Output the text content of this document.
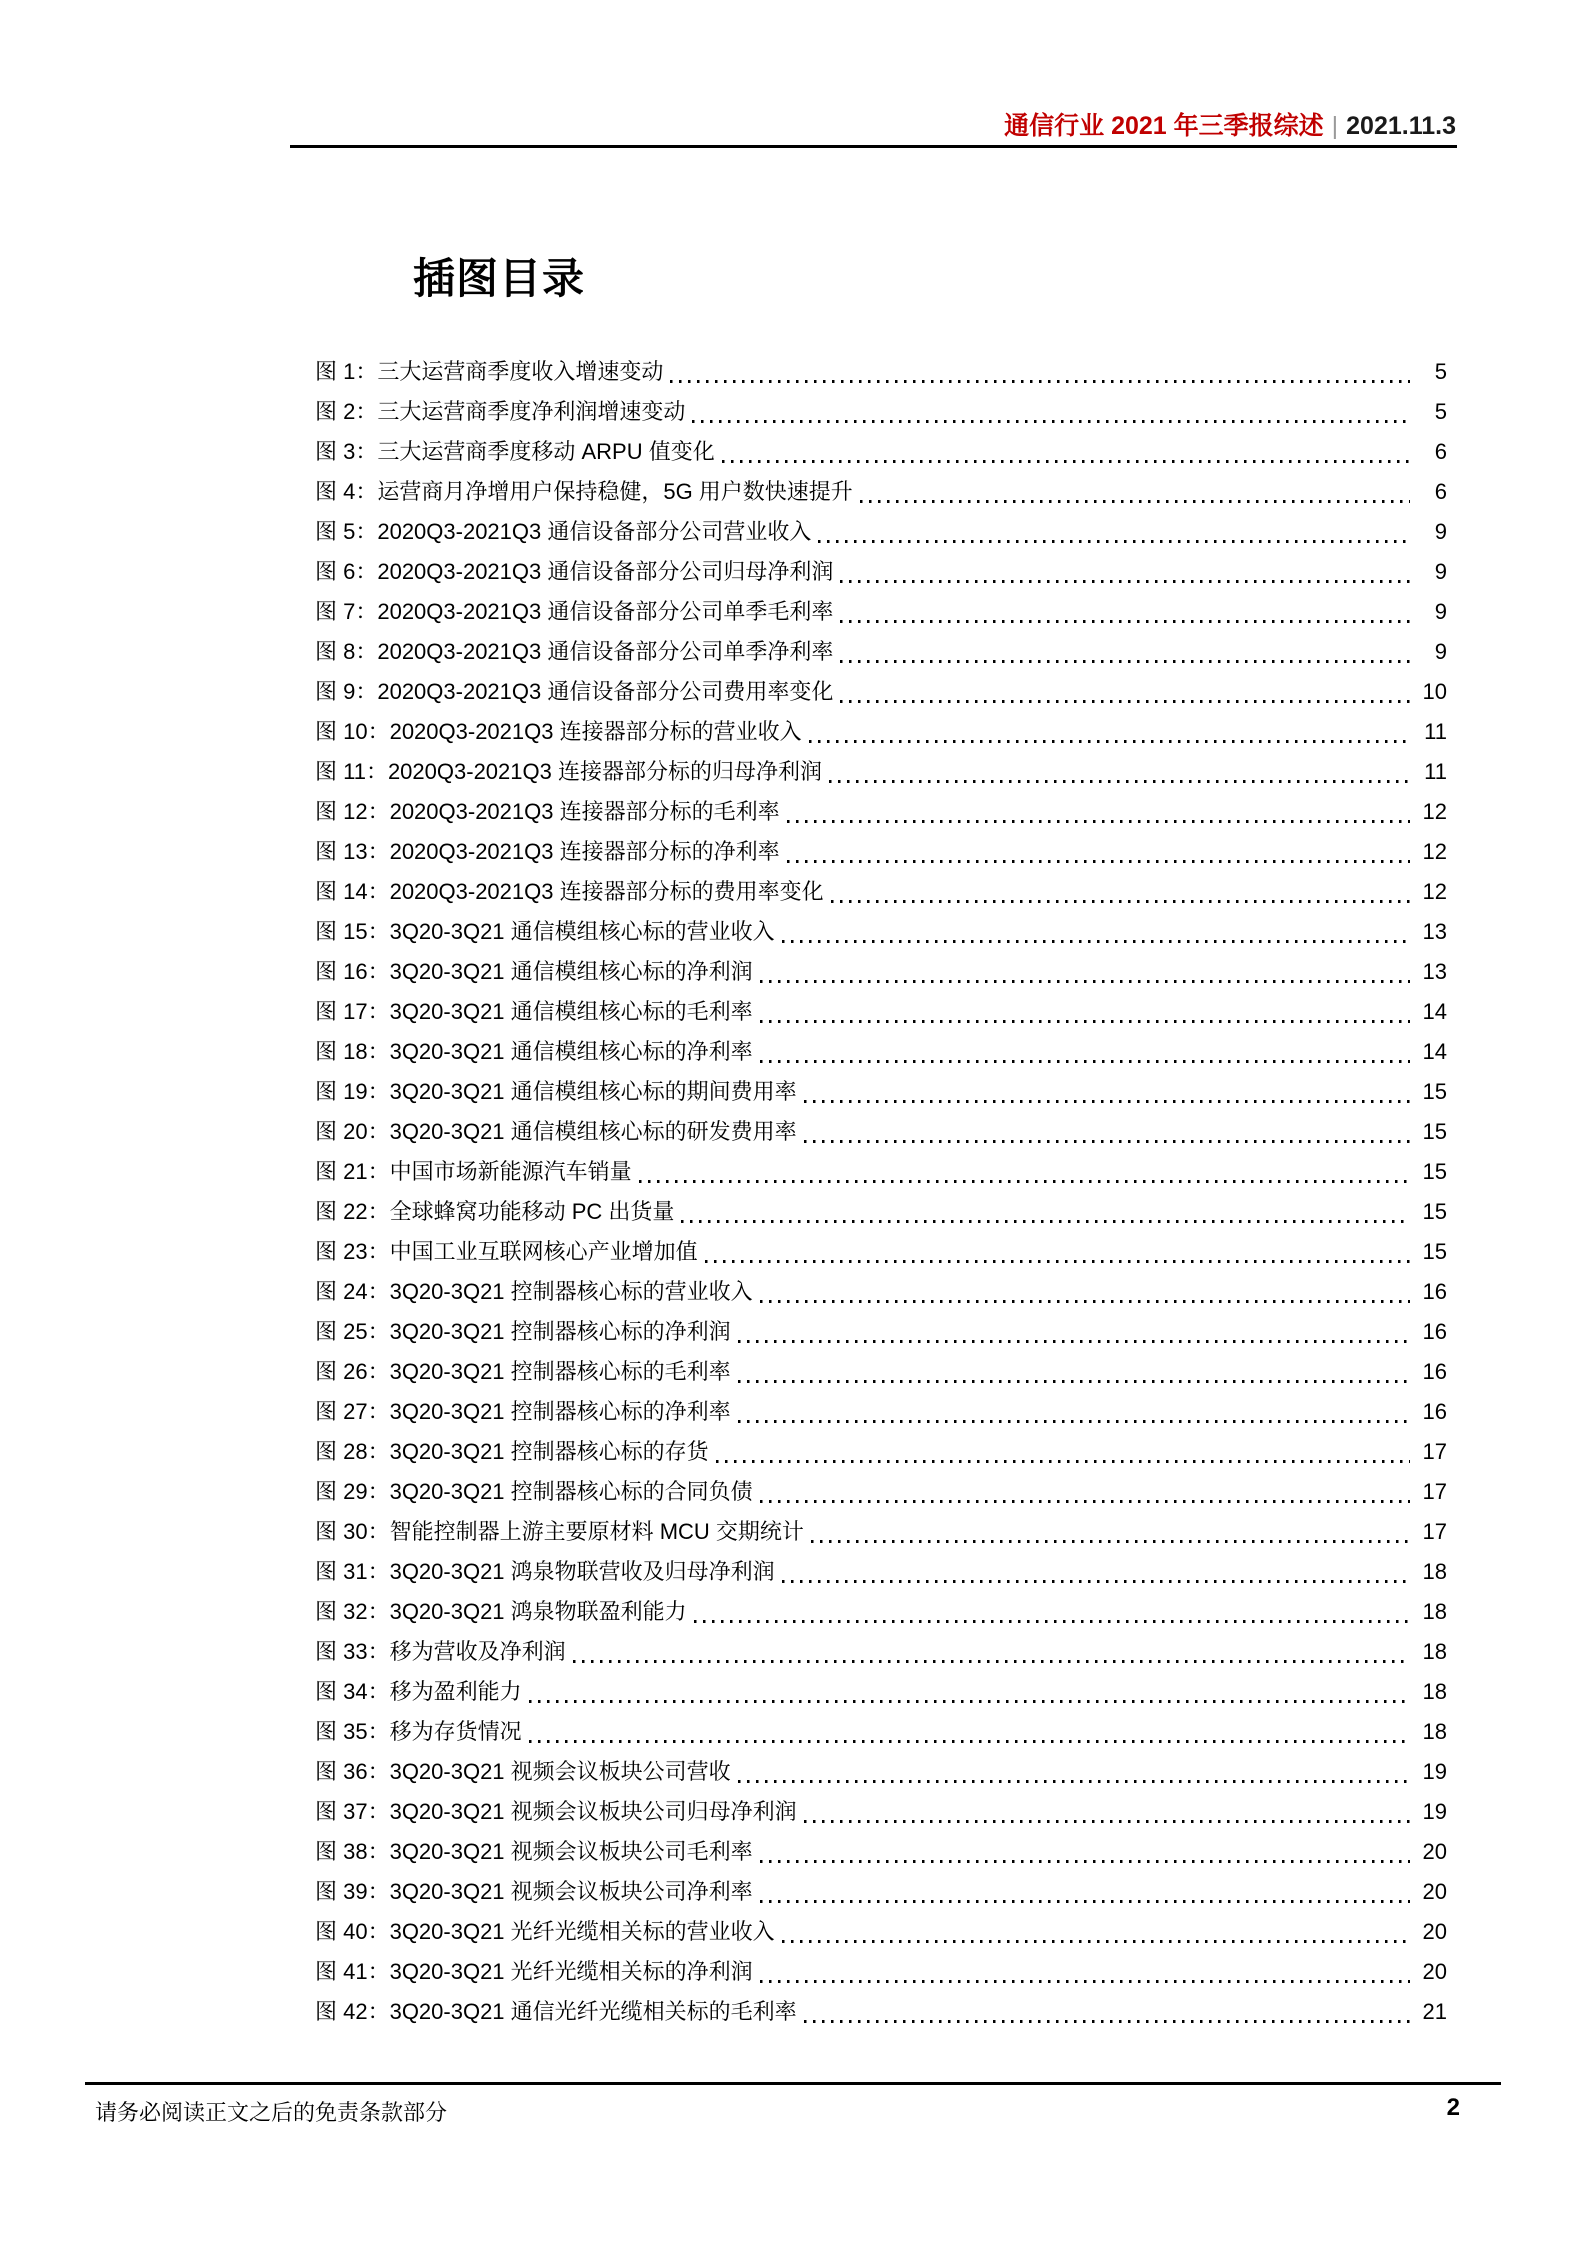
通信行业 2021 年三季报综述 | 2021.11.3
插图目录
图 1：三大运营商季度收入增速变动	5
图 2：三大运营商季度净利润增速变动	5
图 3：三大运营商季度移动 ARPU 值变化	6
图 4：运营商月净增用户保持稳健，5G 用户数快速提升	6
图 5：2020Q3-2021Q3 通信设备部分公司营业收入	9
图 6：2020Q3-2021Q3 通信设备部分公司归母净利润	9
图 7：2020Q3-2021Q3 通信设备部分公司单季毛利率	9
图 8：2020Q3-2021Q3 通信设备部分公司单季净利率	9
图 9：2020Q3-2021Q3 通信设备部分公司费用率变化	10
图 10：2020Q3-2021Q3 连接器部分标的营业收入	11
图 11：2020Q3-2021Q3 连接器部分标的归母净利润	11
图 12：2020Q3-2021Q3 连接器部分标的毛利率	12
图 13：2020Q3-2021Q3 连接器部分标的净利率	12
图 14：2020Q3-2021Q3 连接器部分标的费用率变化	12
图 15：3Q20-3Q21 通信模组核心标的营业收入	13
图 16：3Q20-3Q21 通信模组核心标的净利润	13
图 17：3Q20-3Q21 通信模组核心标的毛利率	14
图 18：3Q20-3Q21 通信模组核心标的净利率	14
图 19：3Q20-3Q21 通信模组核心标的期间费用率	15
图 20：3Q20-3Q21 通信模组核心标的研发费用率	15
图 21：中国市场新能源汽车销量	15
图 22：全球蜂窝功能移动 PC 出货量	15
图 23：中国工业互联网核心产业增加值	15
图 24：3Q20-3Q21 控制器核心标的营业收入	16
图 25：3Q20-3Q21 控制器核心标的净利润	16
图 26：3Q20-3Q21 控制器核心标的毛利率	16
图 27：3Q20-3Q21 控制器核心标的净利率	16
图 28：3Q20-3Q21 控制器核心标的存货	17
图 29：3Q20-3Q21 控制器核心标的合同负债	17
图 30：智能控制器上游主要原材料 MCU 交期统计	17
图 31：3Q20-3Q21 鸿泉物联营收及归母净利润	18
图 32：3Q20-3Q21 鸿泉物联盈利能力	18
图 33：移为营收及净利润	18
图 34：移为盈利能力	18
图 35：移为存货情况	18
图 36：3Q20-3Q21 视频会议板块公司营收	19
图 37：3Q20-3Q21 视频会议板块公司归母净利润	19
图 38：3Q20-3Q21 视频会议板块公司毛利率	20
图 39：3Q20-3Q21 视频会议板块公司净利率	20
图 40：3Q20-3Q21 光纤光缆相关标的营业收入	20
图 41：3Q20-3Q21 光纤光缆相关标的净利润	20
图 42：3Q20-3Q21 通信光纤光缆相关标的毛利率	21
请务必阅读正文之后的免责条款部分	2
